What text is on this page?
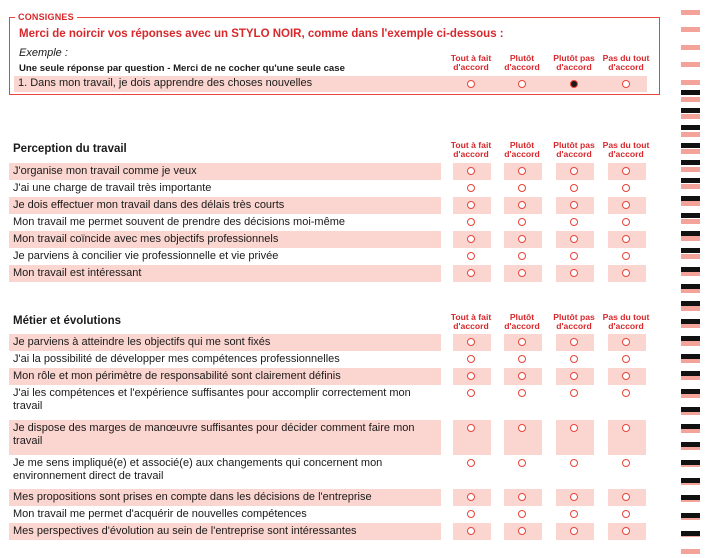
CONSIGNES
Merci de noircir vos réponses avec un STYLO NOIR, comme dans l'exemple ci-dessous :
Exemple :
Une seule réponse par question - Merci de ne cocher qu'une seule case
1. Dans mon travail, je dois apprendre des choses nouvelles
Tout à fait
d'accord
Plutôt
d'accord
Plutôt pas
d'accord
Pas du tout
d'accord
Perception du travail	Tout à fait
d'accord
Plutôt
d'accord
Plutôt pas
d'accord
Pas du tout
d'accord
J'organise mon travail comme je veux
J'ai une charge de travail très importante
Je dois effectuer mon travail dans des délais très courts
Mon travail me permet souvent de prendre des décisions moi-même
Mon travail coïncide avec mes objectifs professionnels
Je parviens à concilier vie professionnelle et vie privée
Mon travail est intéressant
Métier et évolutions	Tout à fait
d'accord
Plutôt
d'accord
Plutôt pas
d'accord
Pas du tout
d'accord
Je parviens à atteindre les objectifs qui me sont fixés
J'ai la possibilité de développer mes compétences professionnelles
Mon rôle et mon périmètre de responsabilité sont clairement définis
J'ai les compétences et l'expérience suffisantes pour accomplir correctement mon travail
Je dispose des marges de manœuvre suffisantes pour décider comment faire mon travail
Je me sens impliqué(e) et associé(e) aux changements qui concernent mon environnement direct de travail
Mes propositions sont prises en compte dans les décisions de l'entreprise
Mon travail me permet d'acquérir de nouvelles compétences
Mes perspectives d'évolution au sein de l'entreprise sont intéressantes
